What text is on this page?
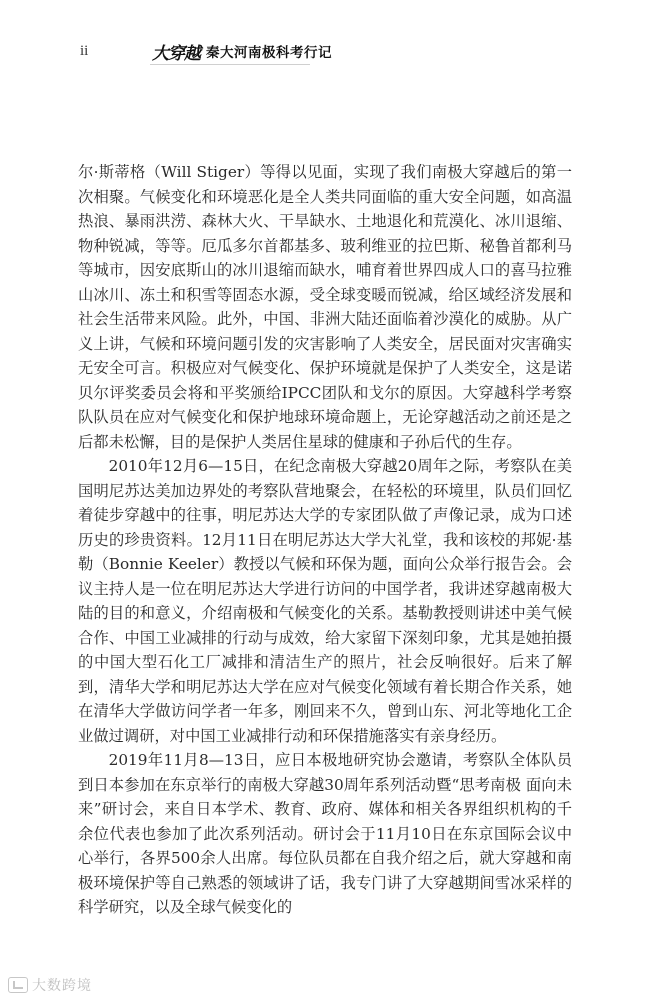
ii	大穿越 秦大河南极科考行记

尔·斯蒂格（Will Stiger）等得以见面，实现了我们南极大穿越后的第一次相聚。气候变化和环境恶化是全人类共同面临的重大安全问题，如高温热浪、暴雨洪涝、森林大火、干旱缺水、土地退化和荒漠化、冰川退缩、物种锐减，等等。厄瓜多尔首都基多、玻利维亚的拉巴斯、秘鲁首都利马等城市，因安底斯山的冰川退缩而缺水，哺育着世界四成人口的喜马拉雅山冰川、冻土和积雪等固态水源，受全球变暖而锐减，给区域经济发展和社会生活带来风险。此外，中国、非洲大陆还面临着沙漠化的威胁。从广义上讲，气候和环境问题引发的灾害影响了人类安全，居民面对灾害确实无安全可言。积极应对气候变化、保护环境就是保护了人类安全，这是诺贝尔评奖委员会将和平奖颁给IPCC团队和戈尔的原因。大穿越科学考察队队员在应对气候变化和保护地球环境命题上，无论穿越活动之前还是之后都未松懈，目的是保护人类居住星球的健康和子孙后代的生存。

2010年12月6—15日，在纪念南极大穿越20周年之际，考察队在美国明尼苏达美加边界处的考察队营地聚会，在轻松的环境里，队员们回忆着徒步穿越中的往事，明尼苏达大学的专家团队做了声像记录，成为口述历史的珍贵资料。12月11日在明尼苏达大学大礼堂，我和该校的邦妮·基勒（Bonnie Keeler）教授以气候和环保为题，面向公众举行报告会。会议主持人是一位在明尼苏达大学进行访问的中国学者，我讲述穿越南极大陆的目的和意义，介绍南极和气候变化的关系。基勒教授则讲述中美气候合作、中国工业减排的行动与成效，给大家留下深刻印象，尤其是她拍摄的中国大型石化工厂减排和清洁生产的照片，社会反响很好。后来了解到，清华大学和明尼苏达大学在应对气候变化领域有着长期合作关系，她在清华大学做访问学者一年多，刚回来不久，曾到山东、河北等地化工企业做过调研，对中国工业减排行动和环保措施落实有亲身经历。

2019年11月8—13日，应日本极地研究协会邀请，考察队全体队员到日本参加在东京举行的南极大穿越30周年系列活动暨“思考南极 面向未来”研讨会，来自日本学术、教育、政府、媒体和相关各界组织机构的千余位代表也参加了此次系列活动。研讨会于11月10日在东京国际会议中心举行，各界500余人出席。每位队员都在自我介绍之后，就大穿越和南极环境保护等自己熟悉的领域讲了话，我专门讲了大穿越期间雪冰采样的科学研究，以及全球气候变化的

大数跨境
